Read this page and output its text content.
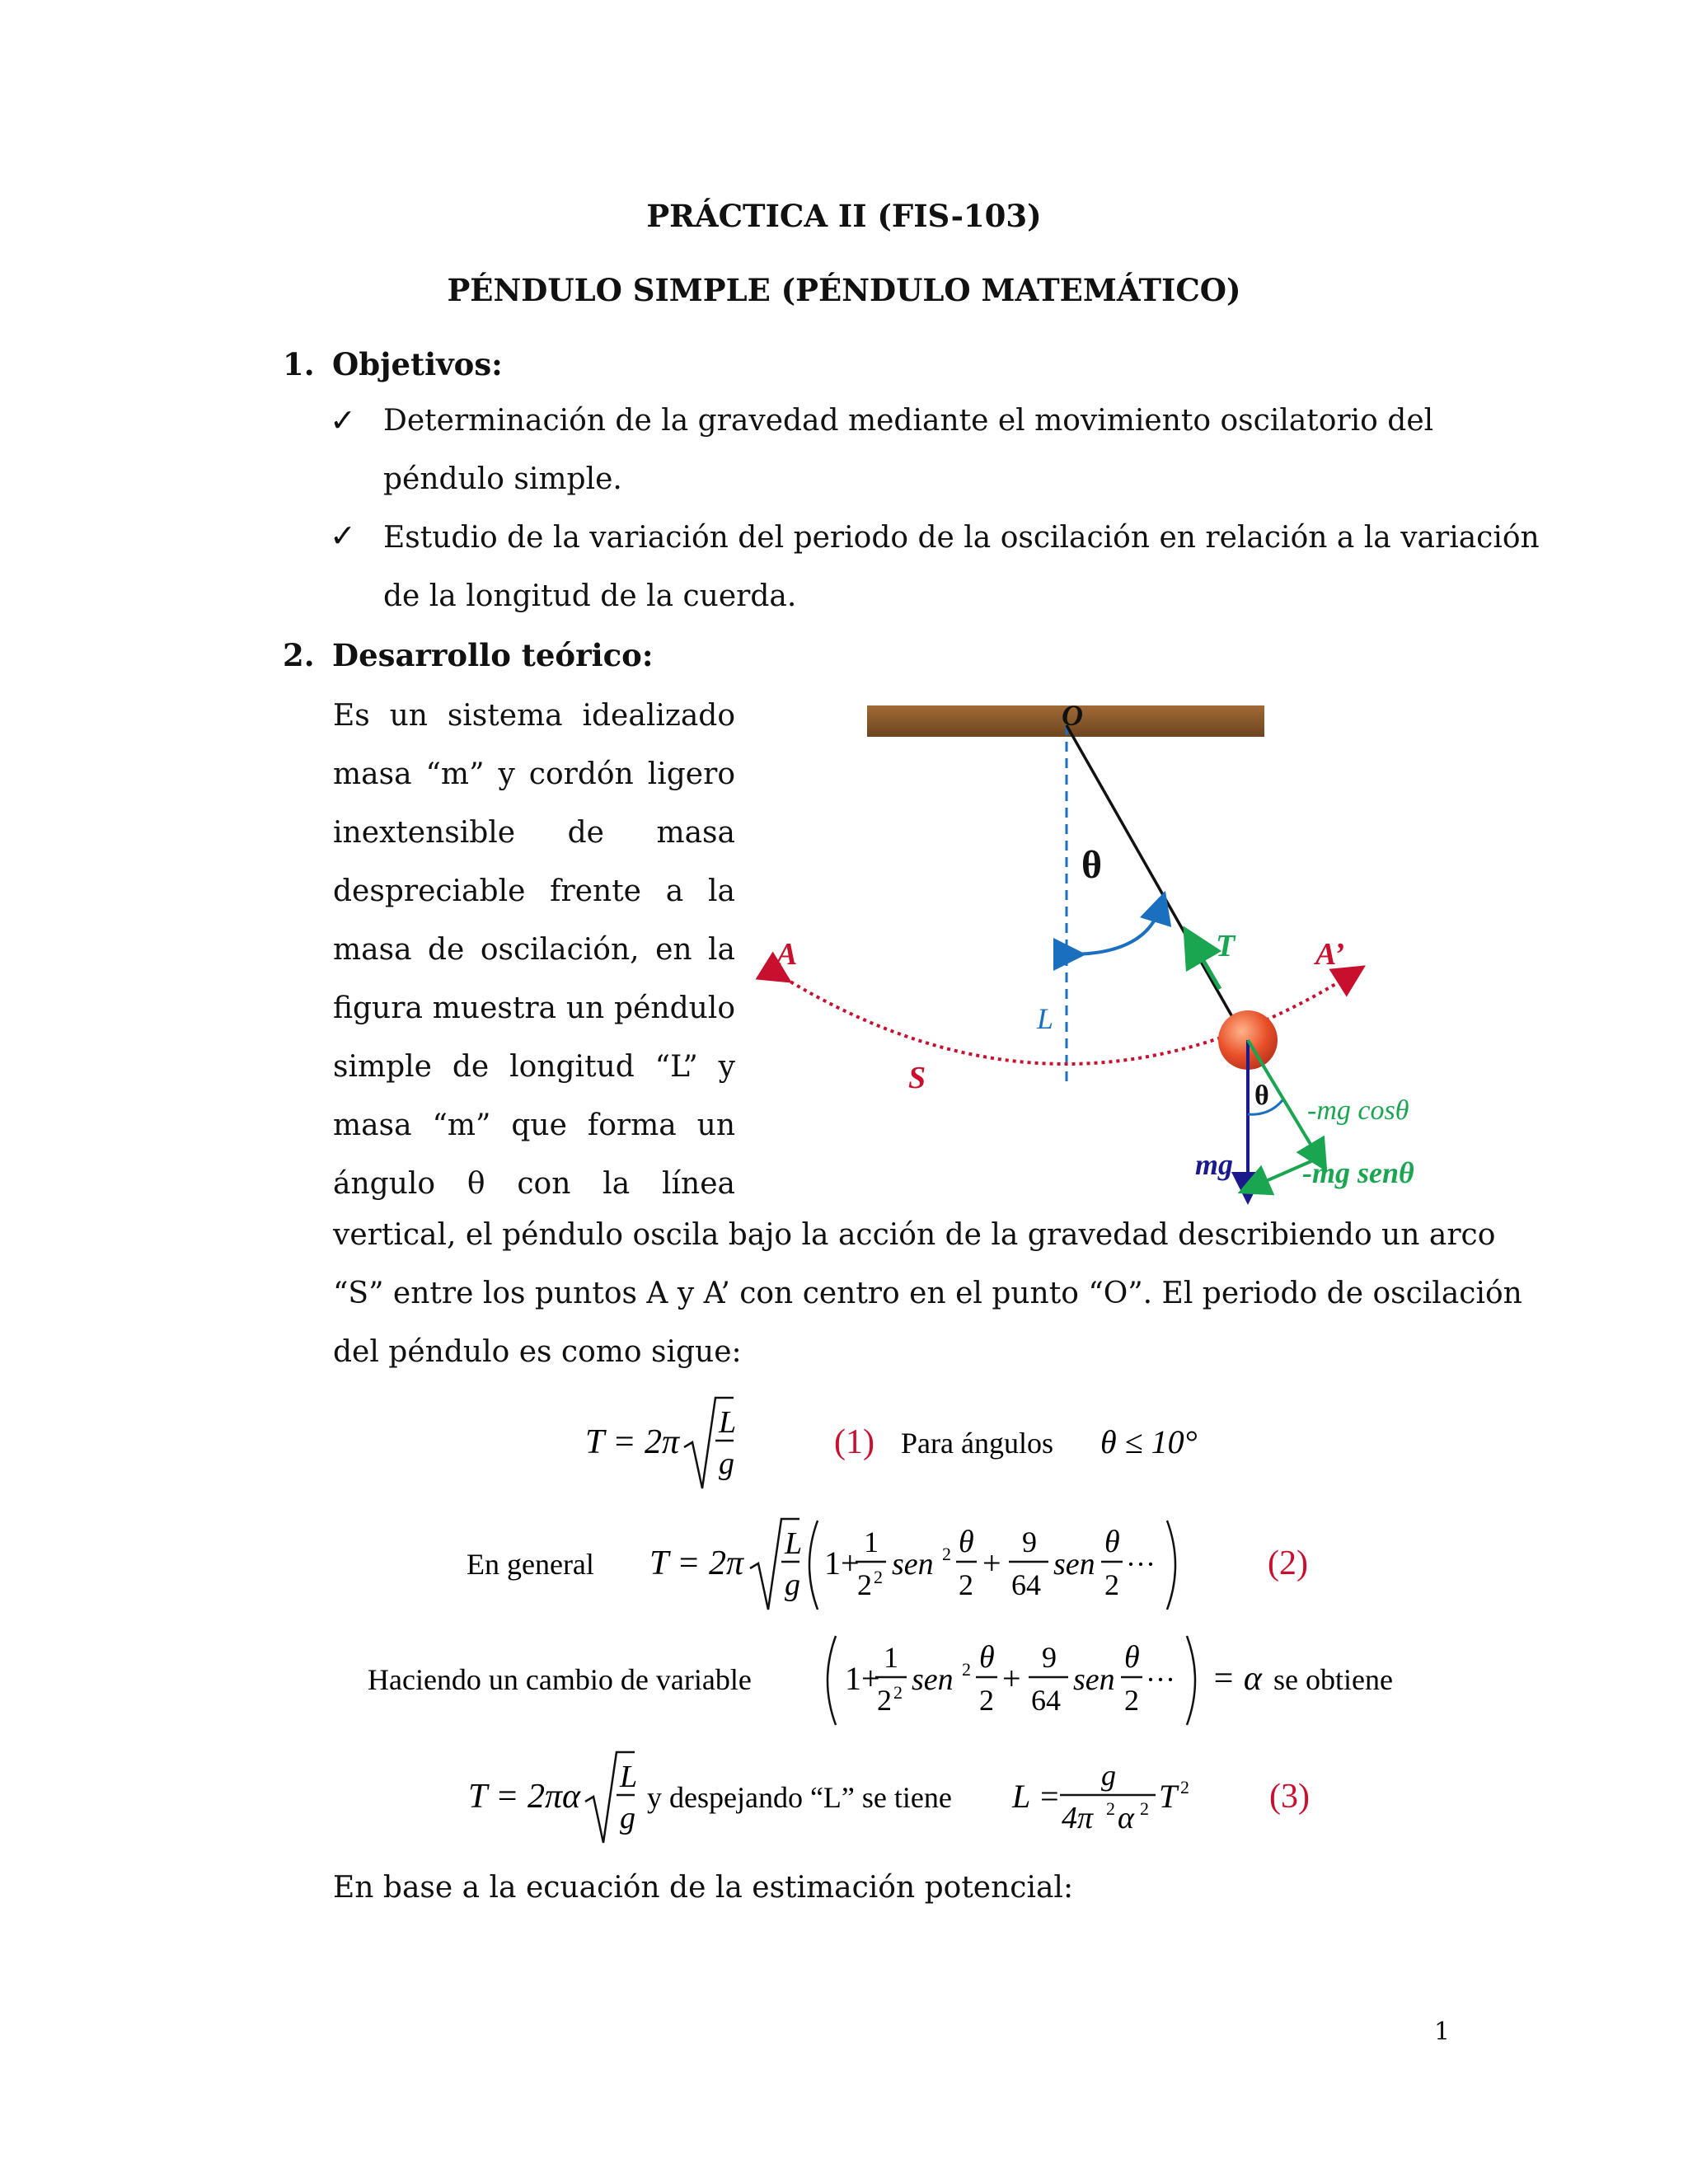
PRÁCTICA II (FIS-103)
PÉNDULO SIMPLE (PÉNDULO MATEMÁTICO)
1. Objetivos:
✓ Determinación de la gravedad mediante el movimiento oscilatorio del
péndulo simple.
✓ Estudio de la variación del periodo de la oscilación en relación a la variación
de la longitud de la cuerda.
2. Desarrollo teórico:
Es un sistema idealizado
masa “m” y cordón ligero
inextensible de masa
despreciable frente a la
masa de oscilación, en la
figura muestra un péndulo
simple de longitud “L” y
masa “m” que forma un
ángulo θ con la línea
O
θ
T
A	A’
L
S
θ -mg cosθ
mg -mg senθ
vertical, el péndulo oscila bajo la acción de la gravedad describiendo un arco
“S” entre los puntos A y A’ con centro en el punto “O”. El periodo de oscilación
del péndulo es como sigue:
T = 2π
L
g
(1) Para ángulos θ ≤ 10°
En general T = 2π
L
g
1+
1
2 2 sen 2 θ
2
+
9
64
sen
θ
2
···	(2)
Haciendo un cambio de variable	1+
1
2 2 sen 2 θ
2
+
9
64
sen
θ
2
··· = α se obtiene
T = 2πα
L
g
y despejando “L” se tiene L =
g
4π 2 α 2 T 2 (3)
En base a la ecuación de la estimación potencial:
1
